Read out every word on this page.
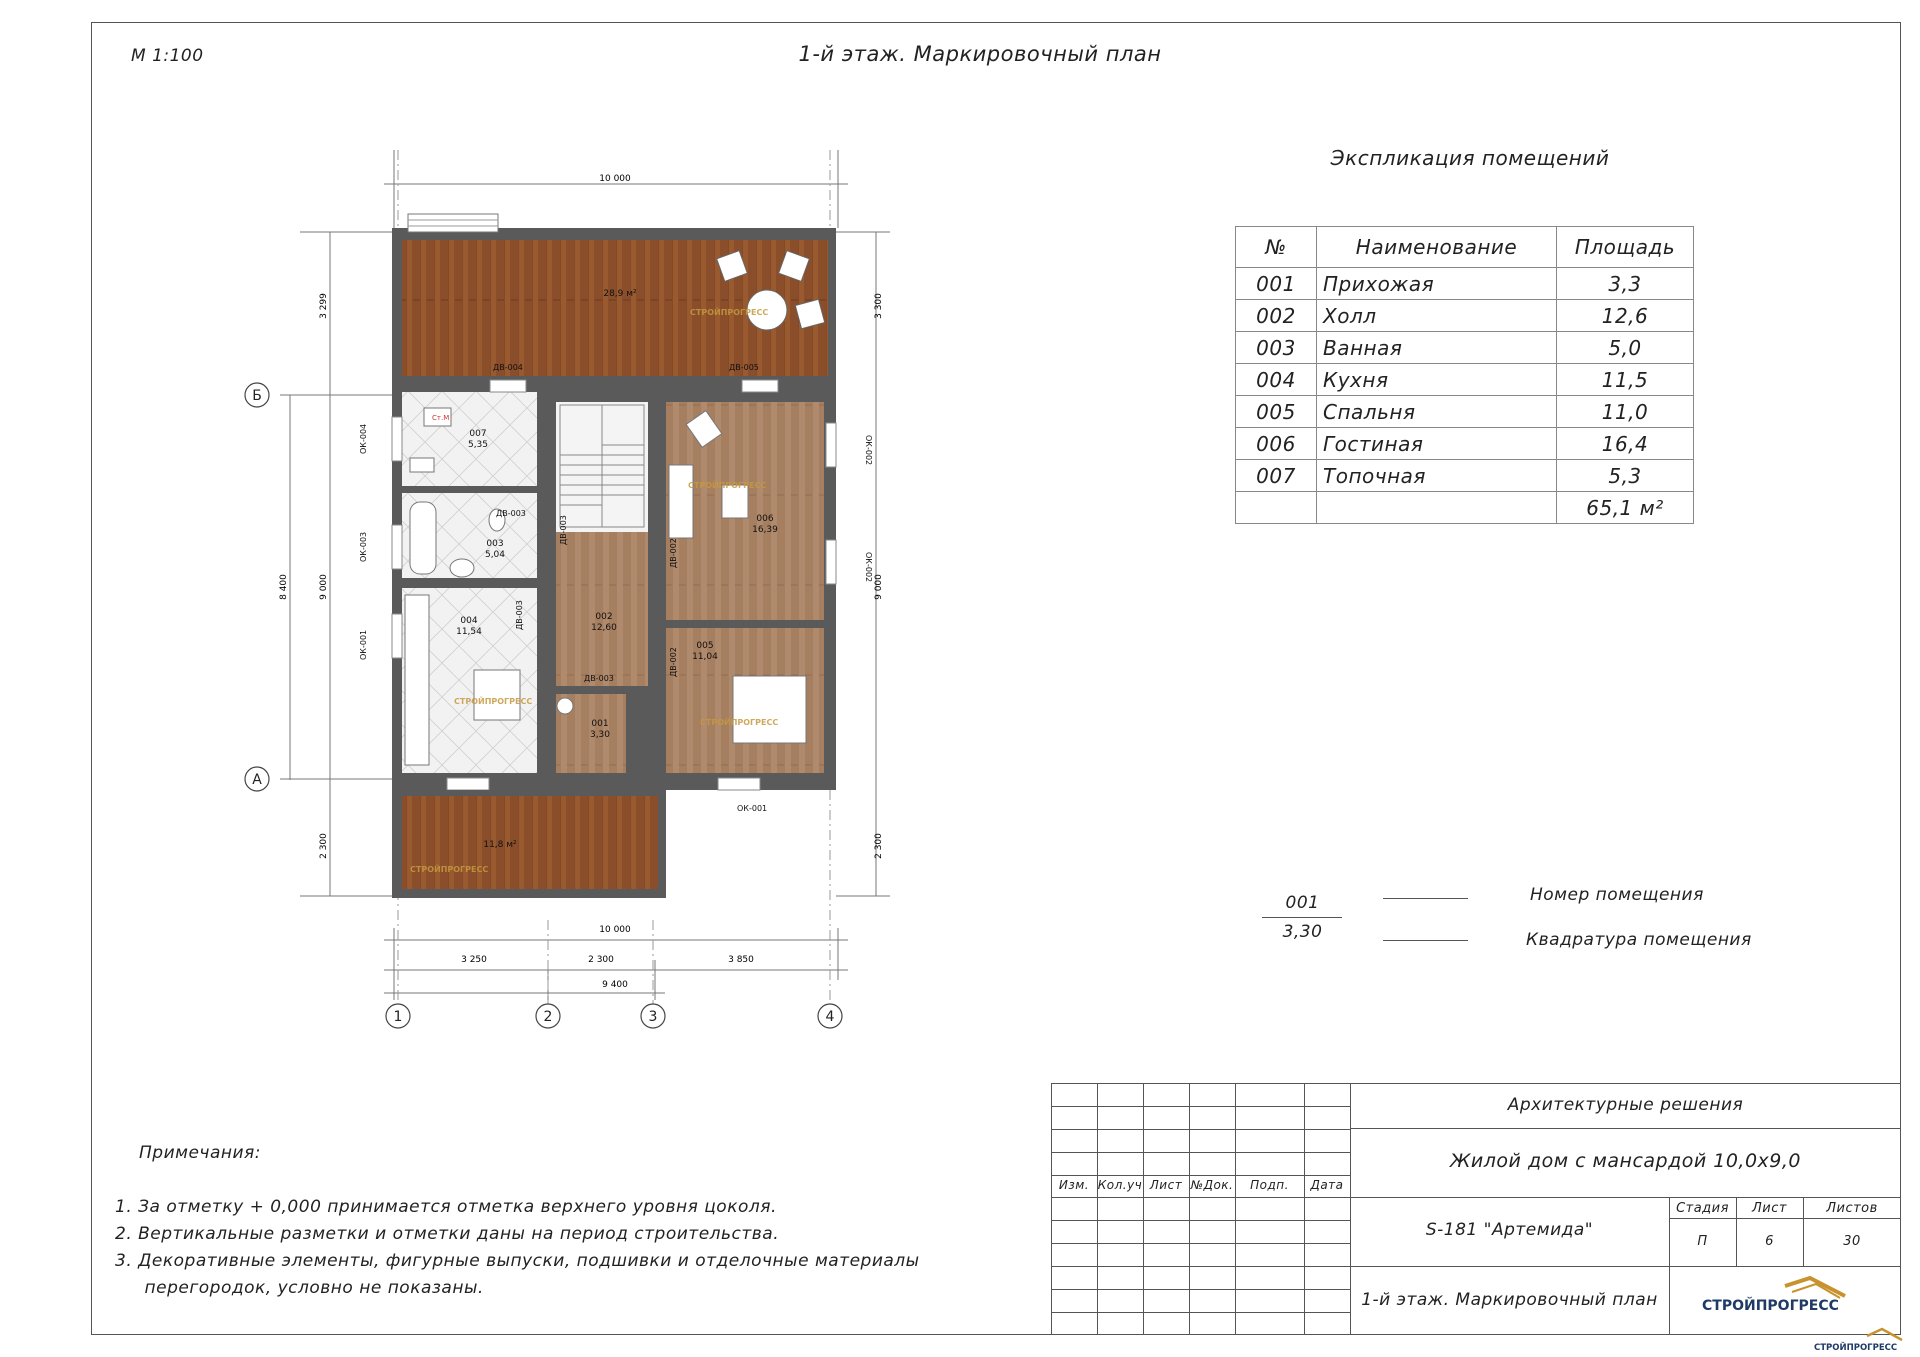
М 1:100	1-й этаж. Маркировочный план
10 000
10 000
3 250	2 300	3 850
9 400
3 299
8 400	9 000
2 300
3 300
9 000
2 300
28,9 м²
Ст.М
007
5,35
003
5,04
004
11,54
002
12,60
001
3,30
006
16,39
005
11,04
ДВ-004	ДВ-005
ДВ-003
ДВ-003
ОК-001
ОК-004
ОК-003
ОК-001
ОК-002
ОК-002
ДВ-002
ДВ-002
ДВ-003
ДВ-003
11,8 м²
СТРОЙПРОГРЕСС
СТРОЙПРОГРЕСС
СТРОЙПРОГРЕСС
СТРОЙПРОГРЕСС
СТРОЙПРОГРЕСС
1	2	3	4
Б
А
Экспликация помещений
№	Наименование	Площадь
001	Прихожая	3,3
002	Холл	12,6
003	Ванная	5,0
004	Кухня	11,5
005	Спальня	11,0
006	Гостиная	16,4
007	Топочная	5,3
		65,1 м²
001
3,30
Номер помещения
Квадратура помещения
Примечания:
1. За отметку + 0,000 принимается отметка верхнего уровня цоколя.
2. Вертикальные разметки и отметки даны на период строительства.
3. Декоративные элементы, фигурные выпуски, подшивки и отделочные материалы
перегородок, условно не показаны.
Изм. Кол.уч Лист №Док.	Подп.	Дата
Архитектурные решения
Жилой дом с мансардой 10,0х9,0
S-181 "Артемида"
1-й этаж. Маркировочный план
Стадия	Лист	Листов
П	6	30
СТРОЙПРОГРЕСС
СТРОЙПРОГРЕСС
